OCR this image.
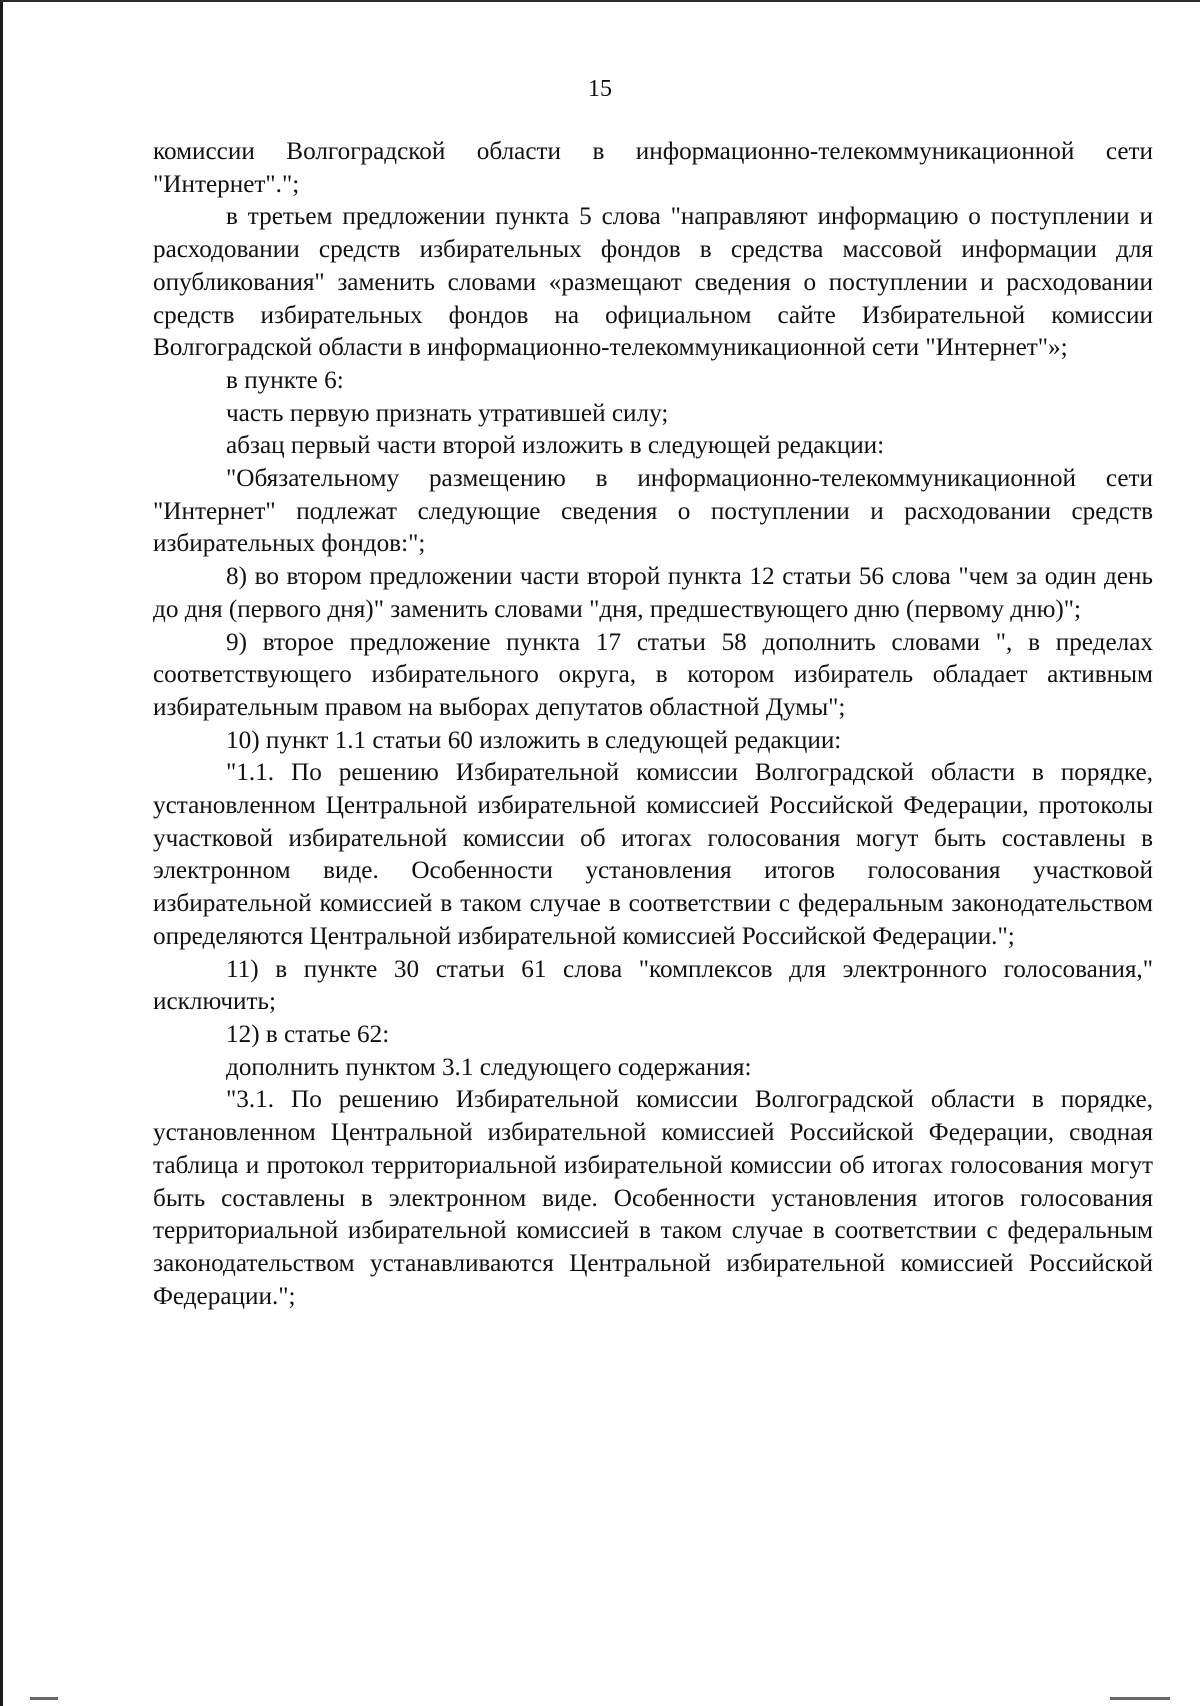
15

комиссии Волгоградской области в информационно-телекоммуникационной сети "Интернет".";

в третьем предложении пункта 5 слова "направляют информацию о поступлении и расходовании средств избирательных фондов в средства массовой информации для опубликования" заменить словами «размещают сведения о поступлении и расходовании средств избирательных фондов на официальном сайте Избирательной комиссии Волгоградской области в информационно-телекоммуникационной сети "Интернет"»;

в пункте 6:

часть первую признать утратившей силу;

абзац первый части второй изложить в следующей редакции:

"Обязательному размещению в информационно-телекоммуникационной сети "Интернет" подлежат следующие сведения о поступлении и расходовании средств избирательных фондов:";

8) во втором предложении части второй пункта 12 статьи 56 слова "чем за один день до дня (первого дня)" заменить словами "дня, предшествующего дню (первому дню)";

9) второе предложение пункта 17 статьи 58 дополнить словами ", в пределах соответствующего избирательного округа, в котором избиратель обладает активным избирательным правом на выборах депутатов областной Думы";

10) пункт 1.1 статьи 60 изложить в следующей редакции:

"1.1. По решению Избирательной комиссии Волгоградской области в порядке, установленном Центральной избирательной комиссией Российской Федерации, протоколы участковой избирательной комиссии об итогах голосования могут быть составлены в электронном виде. Особенности установления итогов голосования участковой избирательной комиссией в таком случае в соответствии с федеральным законодательством определяются Центральной избирательной комиссией Российской Федерации.";

11) в пункте 30 статьи 61 слова "комплексов для электронного голосования," исключить;

12) в статье 62:

дополнить пунктом 3.1 следующего содержания:

"3.1. По решению Избирательной комиссии Волгоградской области в порядке, установленном Центральной избирательной комиссией Российской Федерации, сводная таблица и протокол территориальной избирательной комиссии об итогах голосования могут быть составлены в электронном виде. Особенности установления итогов голосования территориальной избирательной комиссией в таком случае в соответствии с федеральным законодательством устанавливаются Центральной избирательной комиссией Российской Федерации.";
